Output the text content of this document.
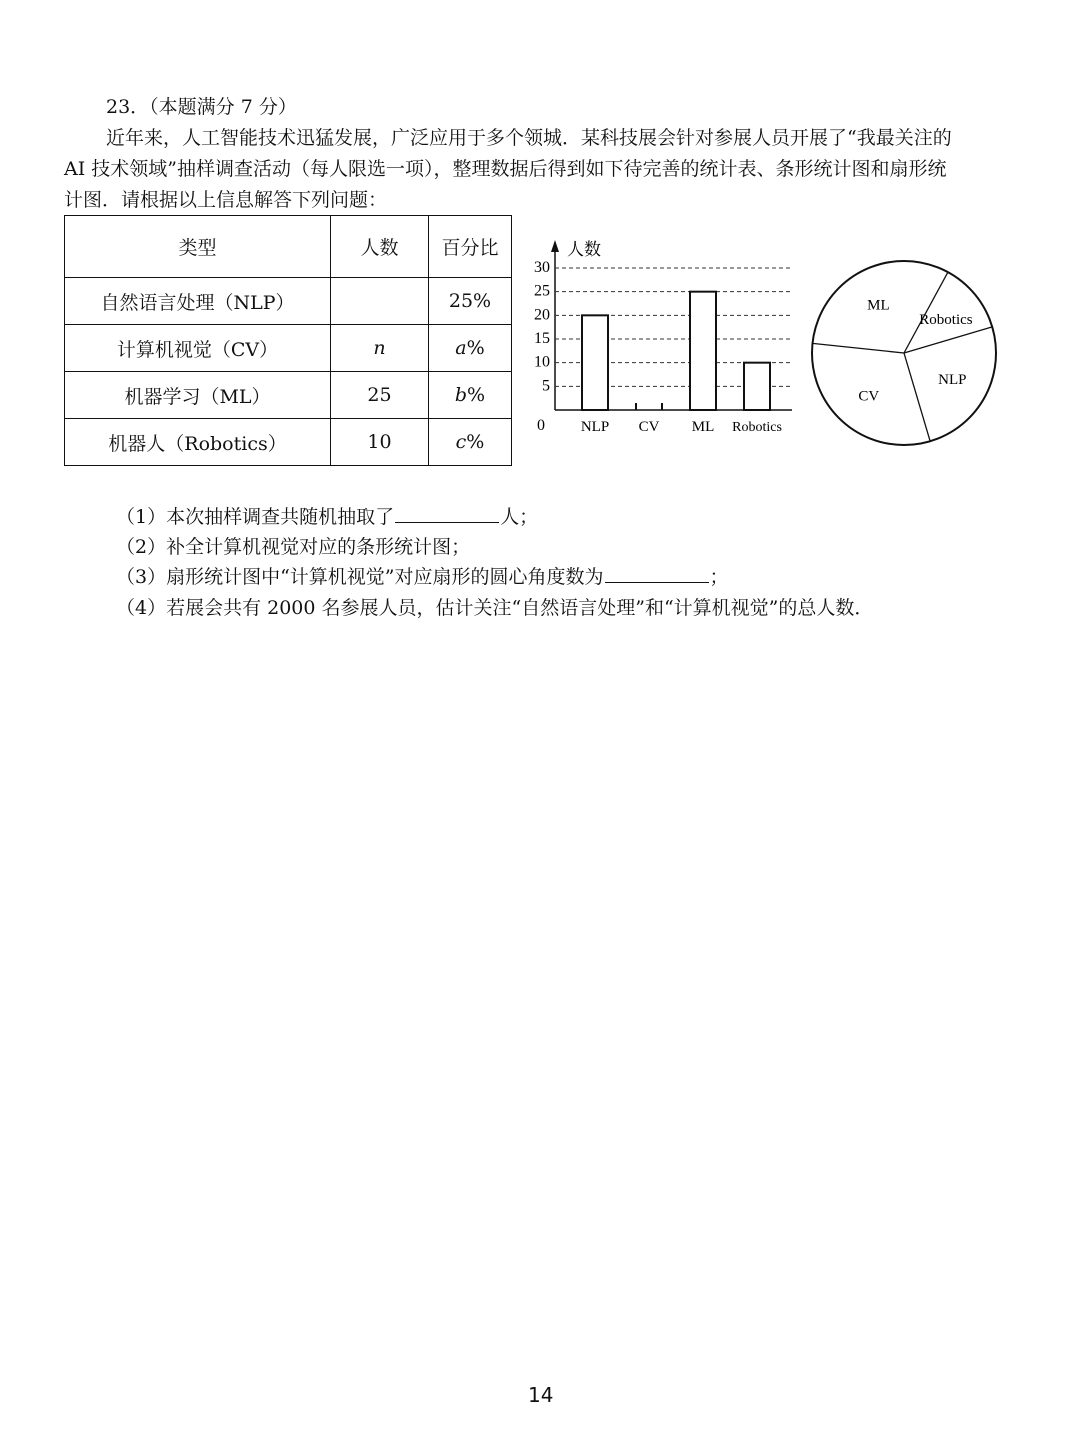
23．（本题满分 7 分）
近年来，人工智能技术迅猛发展，广泛应用于多个领城．某科技展会针对参展人员开展了“我最关注的
AI 技术领域”抽样调查活动（每人限选一项），整理数据后得到如下待完善的统计表、条形统计图和扇形统
计图．请根据以上信息解答下列问题：
类型	人数	百分比
自然语言处理（NLP）		25%
计算机视觉（CV）	n	a%
机器学习（ML）	25	b%
机器人（Robotics）	10	c%
人数
0
5
10
15
20
25
30
NLP CV ML Robotics
ML
Robotics
NLP
CV
（1）本次抽样调查共随机抽取了	人；
（2）补全计算机视觉对应的条形统计图；
（3）扇形统计图中“计算机视觉”对应扇形的圆心角度数为	；
（4）若展会共有 2000 名参展人员，估计关注“自然语言处理”和“计算机视觉”的总人数．
14
